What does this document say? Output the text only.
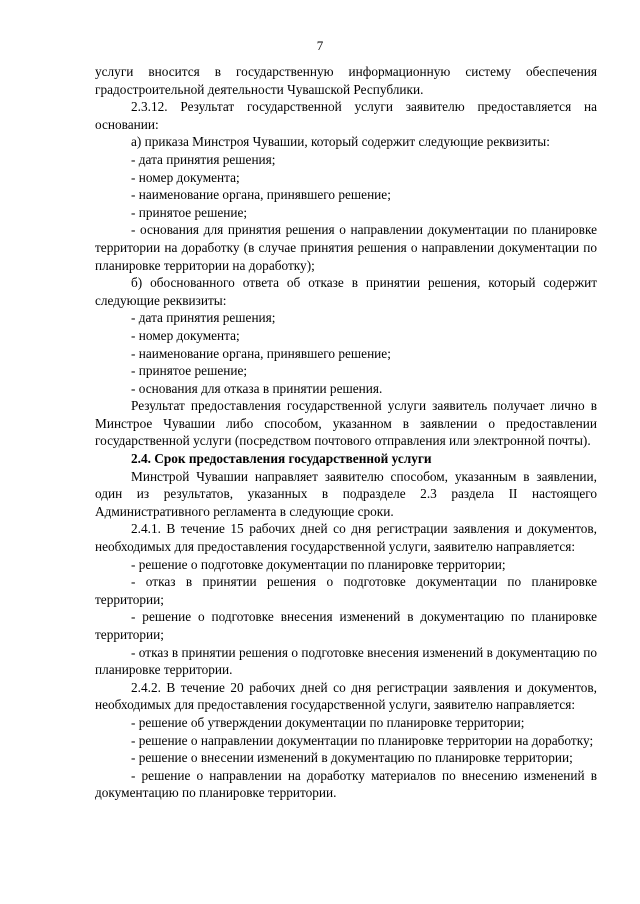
7

услуги вносится в государственную информационную систему обеспечения градостроительной деятельности Чувашской Республики.

2.3.12. Результат государственной услуги заявителю предоставляется на основании:

а) приказа Минстроя Чувашии, который содержит следующие реквизиты:

- дата принятия решения;

- номер документа;

- наименование органа, принявшего решение;

- принятое решение;

- основания для принятия решения о направлении документации по планировке территории на доработку (в случае принятия решения о направлении документации по планировке территории на доработку);

б) обоснованного ответа об отказе в принятии решения, который содержит следующие реквизиты:

- дата принятия решения;

- номер документа;

- наименование органа, принявшего решение;

- принятое решение;

- основания для отказа в принятии решения.

Результат предоставления государственной услуги заявитель получает лично в Минстрое Чувашии либо способом, указанном в заявлении о предоставлении государственной услуги (посредством почтового отправления или электронной почты).

2.4. Срок предоставления государственной услуги

Минстрой Чувашии направляет заявителю способом, указанным в заявлении, один из результатов, указанных в подразделе 2.3 раздела II настоящего Административного регламента в следующие сроки.

2.4.1. В течение 15 рабочих дней со дня регистрации заявления и документов, необходимых для предоставления государственной услуги, заявителю направляется:

- решение о подготовке документации по планировке территории;

- отказ в принятии решения о подготовке документации по планировке территории;

- решение о подготовке внесения изменений в документацию по планировке территории;

- отказ в принятии решения о подготовке внесения изменений в документацию по планировке территории.

2.4.2. В течение 20 рабочих дней со дня регистрации заявления и документов, необходимых для предоставления государственной услуги, заявителю направляется:

- решение об утверждении документации по планировке территории;

- решение о направлении документации по планировке территории на доработку;

- решение о внесении изменений в документацию по планировке территории;

- решение о направлении на доработку материалов по внесению изменений в документацию по планировке территории.
